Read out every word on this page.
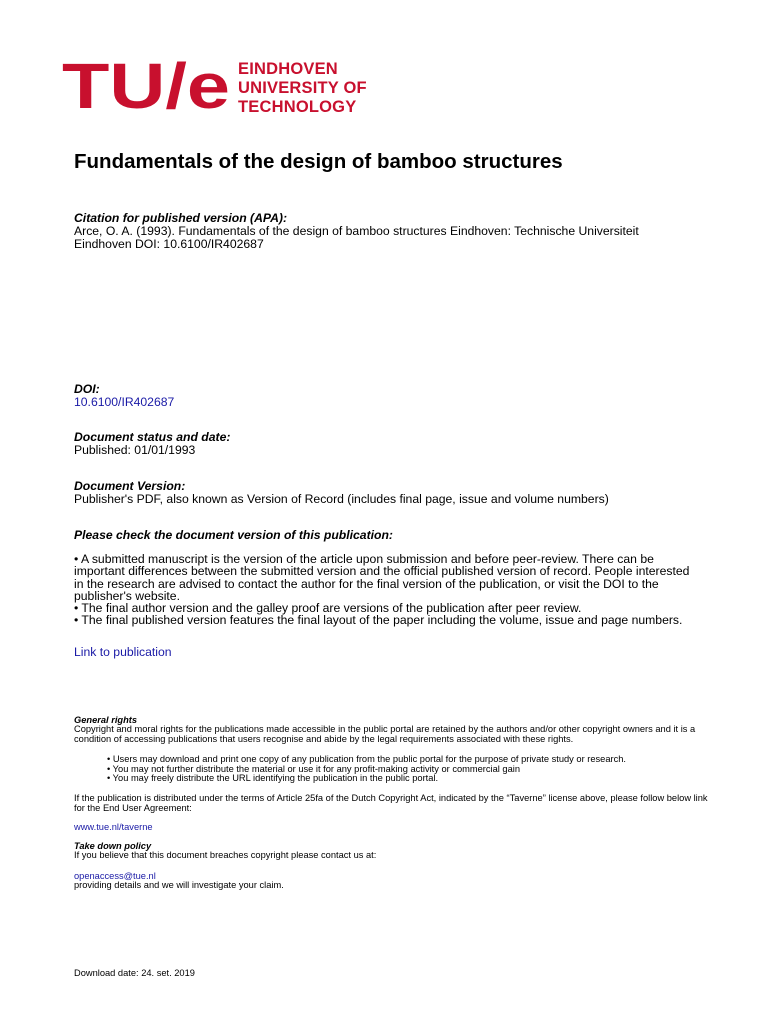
TU/e EINDHOVEN
UNIVERSITY OF
TECHNOLOGY
Fundamentals of the design of bamboo structures
Citation for published version (APA):
Arce, O. A. (1993). Fundamentals of the design of bamboo structures Eindhoven: Technische Universiteit
Eindhoven DOI: 10.6100/IR402687
DOI:
10.6100/IR402687
Document status and date:
Published: 01/01/1993
Document Version:
Publisher's PDF, also known as Version of Record (includes final page, issue and volume numbers)
Please check the document version of this publication:

• A submitted manuscript is the version of the article upon submission and before peer-review. There can be important differences between the submitted version and the official published version of record. People interested in the research are advised to contact the author for the final version of the publication, or visit the DOI to the publisher's website.

• The final author version and the galley proof are versions of the publication after peer review.

• The final published version features the final layout of the paper including the volume, issue and page numbers.

Link to publication
General rights
Copyright and moral rights for the publications made accessible in the public portal are retained by the authors and/or other copyright owners and it is a condition of accessing publications that users recognise and abide by the legal requirements associated with these rights.
• Users may download and print one copy of any publication from the public portal for the purpose of private study or research.
• You may not further distribute the material or use it for any profit-making activity or commercial gain
• You may freely distribute the URL identifying the publication in the public portal.
If the publication is distributed under the terms of Article 25fa of the Dutch Copyright Act, indicated by the “Taverne” license above, please follow below link for the End User Agreement:
www.tue.nl/taverne
Take down policy
If you believe that this document breaches copyright please contact us at:
openaccess@tue.nl
providing details and we will investigate your claim.
Download date: 24. set. 2019
